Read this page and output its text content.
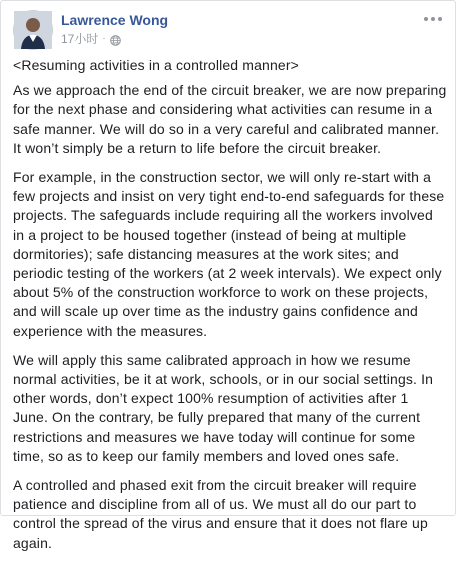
Lawrence Wong
17小时 ·

<Resuming activities in a controlled manner>

As we approach the end of the circuit breaker, we are now preparing for the next phase and considering what activities can resume in a safe manner. We will do so in a very careful and calibrated manner. It won’t simply be a return to life before the circuit breaker.

For example, in the construction sector, we will only re-start with a few projects and insist on very tight end-to-end safeguards for these projects. The safeguards include requiring all the workers involved in a project to be housed together (instead of being at multiple dormitories); safe distancing measures at the work sites; and periodic testing of the workers (at 2 week intervals). We expect only about 5% of the construction workforce to work on these projects, and will scale up over time as the industry gains confidence and experience with the measures.

We will apply this same calibrated approach in how we resume normal activities, be it at work, schools, or in our social settings. In other words, don’t expect 100% resumption of activities after 1 June. On the contrary, be fully prepared that many of the current restrictions and measures we have today will continue for some time, so as to keep our family members and loved ones safe.

A controlled and phased exit from the circuit breaker will require patience and discipline from all of us. We must all do our part to control the spread of the virus and ensure that it does not flare up again.
